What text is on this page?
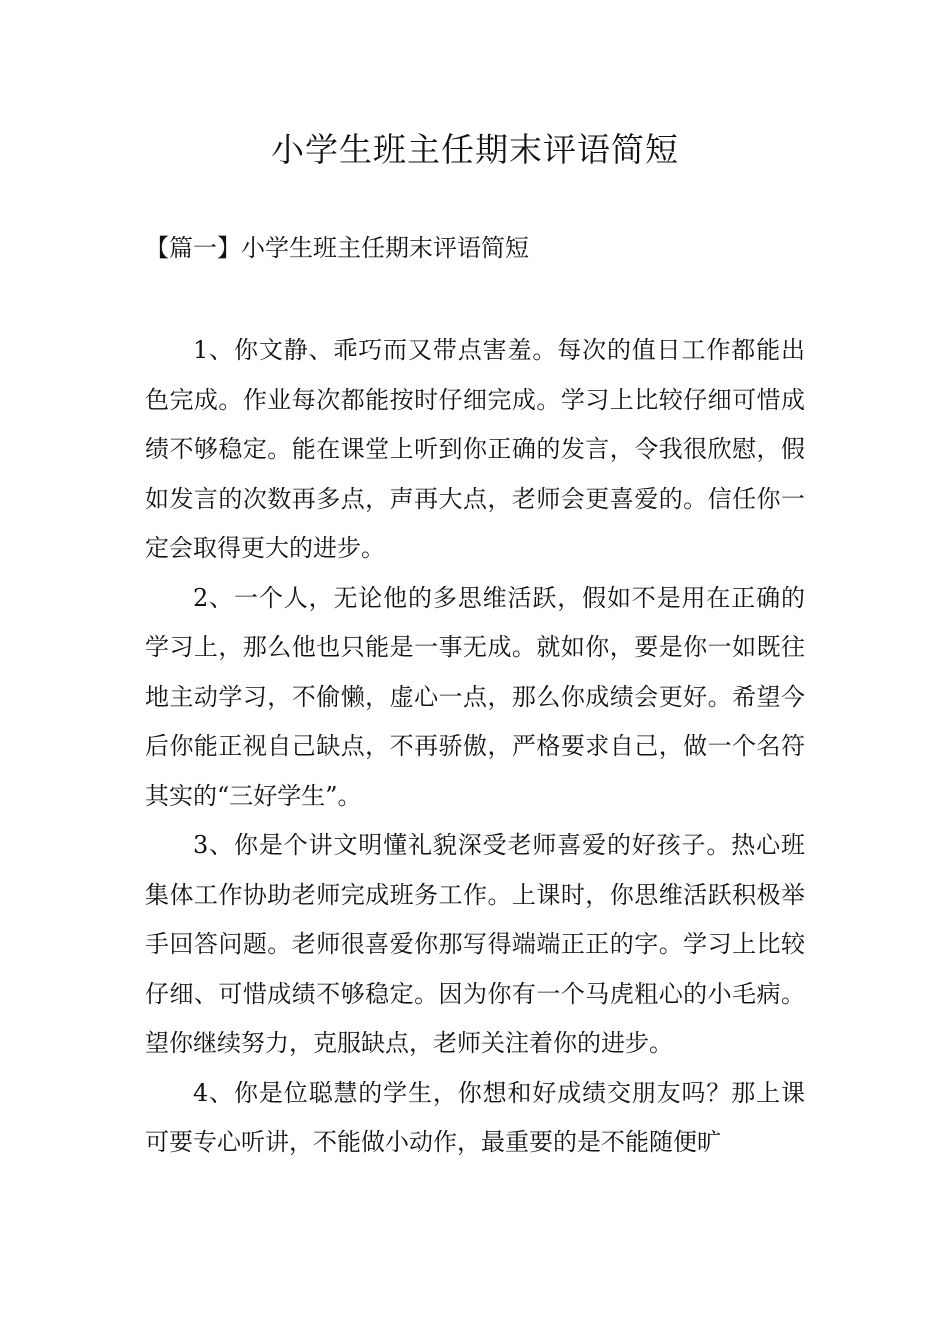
小学生班主任期末评语简短
【篇一】小学生班主任期末评语简短

1、你文静、乖巧而又带点害羞。每次的值日工作都能出色完成。作业每次都能按时仔细完成。学习上比较仔细可惜成绩不够稳定。能在课堂上听到你正确的发言，令我很欣慰，假如发言的次数再多点，声再大点，老师会更喜爱的。信任你一定会取得更大的进步。

2、一个人，无论他的多思维活跃，假如不是用在正确的学习上，那么他也只能是一事无成。就如你，要是你一如既往地主动学习，不偷懒，虚心一点，那么你成绩会更好。希望今后你能正视自己缺点，不再骄傲，严格要求自己，做一个名符其实的“三好学生”。

3、你是个讲文明懂礼貌深受老师喜爱的好孩子。热心班集体工作协助老师完成班务工作。上课时，你思维活跃积极举手回答问题。老师很喜爱你那写得端端正正的字。学习上比较仔细、可惜成绩不够稳定。因为你有一个马虎粗心的小毛病。望你继续努力，克服缺点，老师关注着你的进步。

4、你是位聪慧的学生，你想和好成绩交朋友吗？那上课可要专心听讲，不能做小动作，最重要的是不能随便旷
